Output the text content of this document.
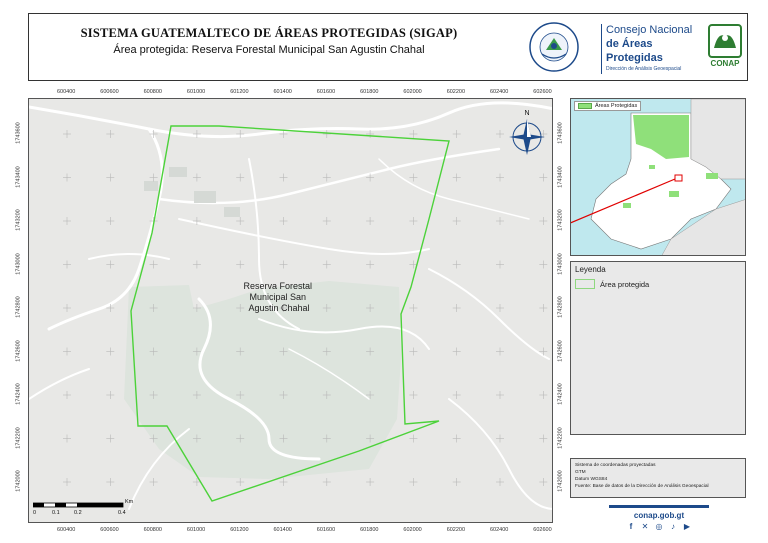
SISTEMA GUATEMALTECO DE ÁREAS PROTEGIDAS (SIGAP)
Área protegida: Reserva Forestal Municipal San Agustin Chahal
Consejo Nacional
de Áreas Protegidas
Dirección de Análisis Geoespacial
CONAP
600400	600600	600800	601000	601200	601400	601600	601800	602000	602200	602400	602600
600400	600600	600800	601000	601200	601400	601600	601800	602000	602200	602400	602600
1743600
1743400
1743200
1743000
1742800
1742600
1742400
1742200
1742000
1743600
1743400
1743200
1743000
1742800
1742600
1742400
1742200
1742000
Reserva Forestal Municipal San Agustin Chahal
N
0	0.1	0.2	0.4
Km
Áreas Protegidas
Leyenda
Área protegida
Sistema de coordenadas proyectadas
GTM
Datum WGS84
Fuente: Base de datos de la Dirección de Análisis Geoespacial
conap.gob.gt
f	✕ ◎	♪	▶
